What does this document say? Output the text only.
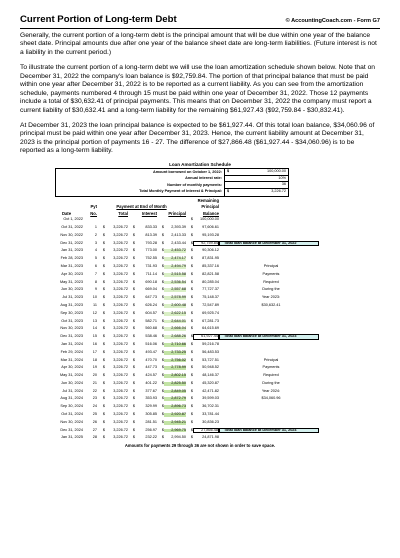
Current Portion of Long-term Debt	© AccountingCoach.com - Form G7

Generally, the current portion of a long-term debt is the principal amount that will be due within one year of the balance sheet date. Principal amounts due after one year of the balance sheet date are long-term liabilities. (Future interest is not a liability in the current period.)

To illustrate the current portion of a long-term debt we will use the loan amortization schedule shown below. Note that on December 31, 2022 the company's loan balance is $92,759.84. The portion of that principal balance that must be paid within one year after December 31, 2022 is to be reported as a current liability. As you can see from the amortization schedule, payments numbered 4 through 15 must be paid within one year of December 31, 2022. Those 12 payments include a total of $30,632.41 of principal payments. This means that on December 31, 2022 the company must report a current liability of $30,632.41 and a long-term liability for the remaining $61,927.43 ($92,759.84 - $30,832.41).

At December 31, 2023 the loan principal balance is expected to be $61,927.44. Of this total loan balance, $34,060.96 of principal must be paid within one year after December 31, 2023. Hence, the current liability amount at December 31, 2023 is the principal portion of payments 16 - 27. The difference of $27,866.48 ($61,927.44 - $34,060.96) is to be reported as a long-term liability.

Loan Amortization Schedule
Amount borrowed on October 1, 2022:	$	100,000.00
Annual interest rate:	10%
Number of monthly payments:	36
Total Monthly Payment of Interest & Principal:	$	3,226.72
Remaining
Pyt	Payment at End of Month	Principal
Date	No.	Total	Interest	Principal	Balance
Oct 1, 2022	$	100,000.00
Oct 31, 2022	1	$	3,226.72	$	833.33	$	2,393.39	$	97,606.61
Nov 30, 2022	2	$	3,226.72	$	813.39	$	2,413.33	$	95,193.28
Dec 31, 2022	3	$	3,226.72	$	793.28	$	2,433.44	$	92,759.84	Total loan balance at December 31, 2022
Jan 31, 2023	4	$	3,226.72	$	773.00	$	2,453.72	$	90,306.12
Feb 28, 2023	5	$	3,226.72	$	752.55	$	2,474.17	$	87,831.95
Mar 31, 2023	6	$	3,226.72	$	731.93	$	2,494.79	$	85,337.16	Principal
Apr 30, 2023	7	$	3,226.72	$	711.14	$	2,515.58	$	82,821.58	Payments
May 31, 2023	8	$	3,226.72	$	690.18	$	2,536.54	$	80,285.04	Required
Jun 30, 2023	9	$	3,226.72	$	669.04	$	2,557.68	$	77,727.37	During the
Jul 31, 2023	10	$	3,226.72	$	647.73	$	2,578.99	$	75,148.37	Year 2023:
Aug 31, 2023	11	$	3,226.72	$	626.24	$	2,600.48	$	72,547.89	$30,632.41
Sep 30, 2023	12	$	3,226.72	$	604.57	$	2,622.15	$	69,925.74
Oct 31, 2023	13	$	3,226.72	$	582.71	$	2,644.01	$	67,281.73
Nov 30, 2023	14	$	3,226.72	$	560.68	$	2,666.04	$	64,615.69
Dec 31, 2023	15	$	3,226.72	$	538.46	$	2,688.26	$	61,927.44	Total loan balance at December 31, 2023
Jan 31, 2024	16	$	3,226.72	$	516.06	$	2,710.66	$	59,216.78
Feb 29, 2024	17	$	3,226.72	$	493.47	$	2,733.25	$	56,483.53
Mar 31, 2024	18	$	3,226.72	$	470.70	$	2,756.02	$	53,727.51	Principal
Apr 30, 2024	19	$	3,226.72	$	447.73	$	2,778.99	$	50,948.52	Payments
May 31, 2024	20	$	3,226.72	$	424.57	$	2,802.15	$	48,146.37	Required
Jun 30, 2024	21	$	3,226.72	$	401.22	$	2,825.50	$	45,320.87	During the
Jul 31, 2024	22	$	3,226.72	$	377.67	$	2,849.05	$	42,471.82	Year 2024:
Aug 31, 2024	23	$	3,226.72	$	353.93	$	2,872.79	$	39,599.03	$34,060.96
Sep 30, 2024	24	$	3,226.72	$	329.99	$	2,896.73	$	36,702.31
Oct 31, 2024	25	$	3,226.72	$	305.85	$	2,920.87	$	33,781.44
Nov 30, 2024	26	$	3,226.72	$	281.51	$	2,945.21	$	30,836.23
Dec 31, 2024	27	$	3,226.72	$	256.97	$	2,969.75	$	27,866.48	Total loan balance at December 31, 2024
Jan 31, 2025	28	$	3,226.72	$	232.22	$	2,994.50	$	24,871.98
Amounts for payments 29 through 36 are not shown in order to save space.
